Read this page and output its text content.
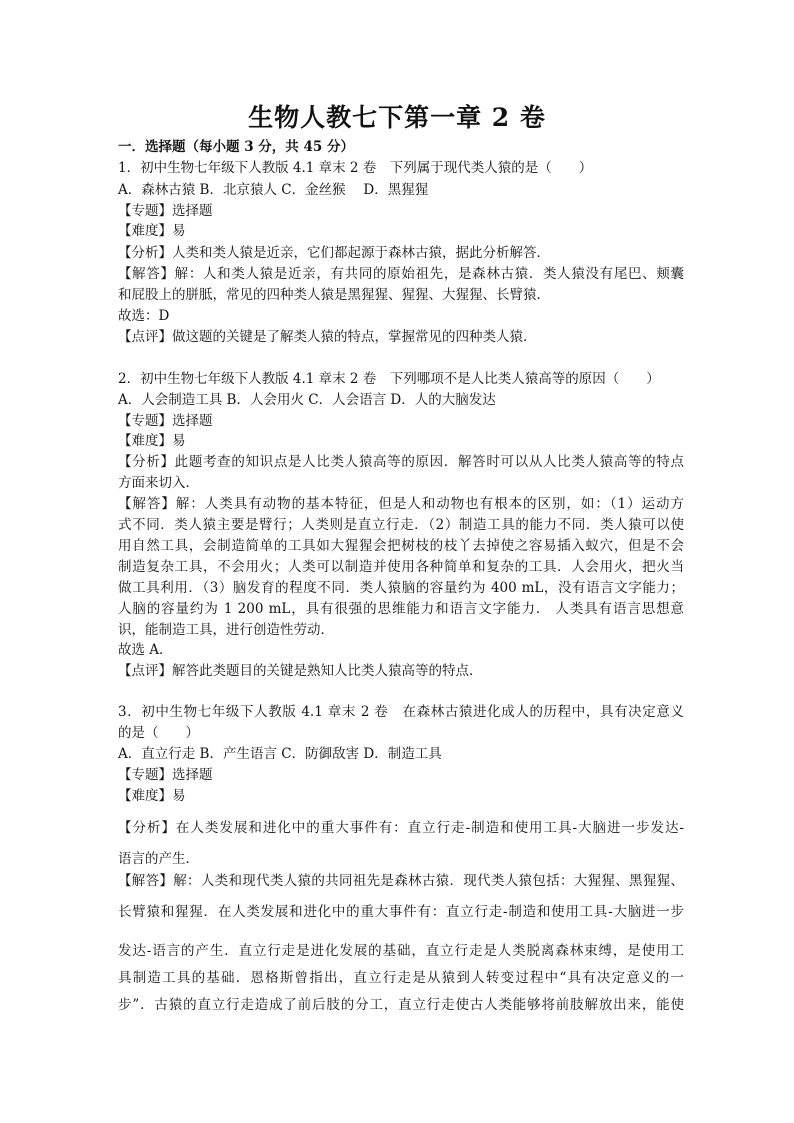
生物人教七下第一章 2 卷
一．选择题（每小题 3 分，共 45 分）
1．初中生物七年级下人教版 4.1 章末 2 卷　下列属于现代类人猿的是（　　）
A．森林古猿 B．北京猿人 C．金丝猴　 D．黑猩猩
【专题】选择题
【难度】易
【分析】人类和类人猿是近亲，它们都起源于森林古猿，据此分析解答．
【解答】解：人和类人猿是近亲，有共同的原始祖先，是森林古猿．类人猿没有尾巴、颊囊
和屁股上的胼胝，常见的四种类人猿是黑猩猩、猩猩、大猩猩、长臂猿．
故选：D
【点评】做这题的关键是了解类人猿的特点，掌握常见的四种类人猿．
2．初中生物七年级下人教版 4.1 章末 2 卷　下列哪项不是人比类人猿高等的原因（　　）
A．人会制造工具 B．人会用火 C．人会语言 D．人的大脑发达
【专题】选择题
【难度】易
【分析】此题考查的知识点是人比类人猿高等的原因．解答时可以从人比类人猿高等的特点
方面来切入．
【解答】解：人类具有动物的基本特征，但是人和动物也有根本的区别，如：（1）运动方
式不同．类人猿主要是臂行；人类则是直立行走．（2）制造工具的能力不同．类人猿可以使
用自然工具，会制造简单的工具如大猩猩会把树枝的枝丫去掉使之容易插入蚁穴，但是不会
制造复杂工具，不会用火；人类可以制造并使用各种简单和复杂的工具．人会用火，把火当
做工具利用．（3）脑发育的程度不同．类人猿脑的容量约为 400 mL，没有语言文字能力；
人脑的容量约为 1 200 mL，具有很强的思维能力和语言文字能力． 人类具有语言思想意
识，能制造工具，进行创造性劳动．
故选 A．
【点评】解答此类题目的关键是熟知人比类人猿高等的特点．
3．初中生物七年级下人教版 4.1 章末 2 卷　在森林古猿进化成人的历程中，具有决定意义
的是（　　）
A．直立行走 B．产生语言 C．防御敌害 D．制造工具
【专题】选择题
【难度】易
【分析】在人类发展和进化中的重大事件有：直立行走-制造和使用工具-大脑进一步发达-
语言的产生．
【解答】解：人类和现代类人猿的共同祖先是森林古猿．现代类人猿包括：大猩猩、黑猩猩、
长臂猿和猩猩．在人类发展和进化中的重大事件有：直立行走-制造和使用工具-大脑进一步
发达-语言的产生．直立行走是进化发展的基础，直立行走是人类脱离森林束缚，是使用工
具制造工具的基础．恩格斯曾指出，直立行走是从猿到人转变过程中“具有决定意义的一
步”．古猿的直立行走造成了前后肢的分工，直立行走使古人类能够将前肢解放出来，能使
